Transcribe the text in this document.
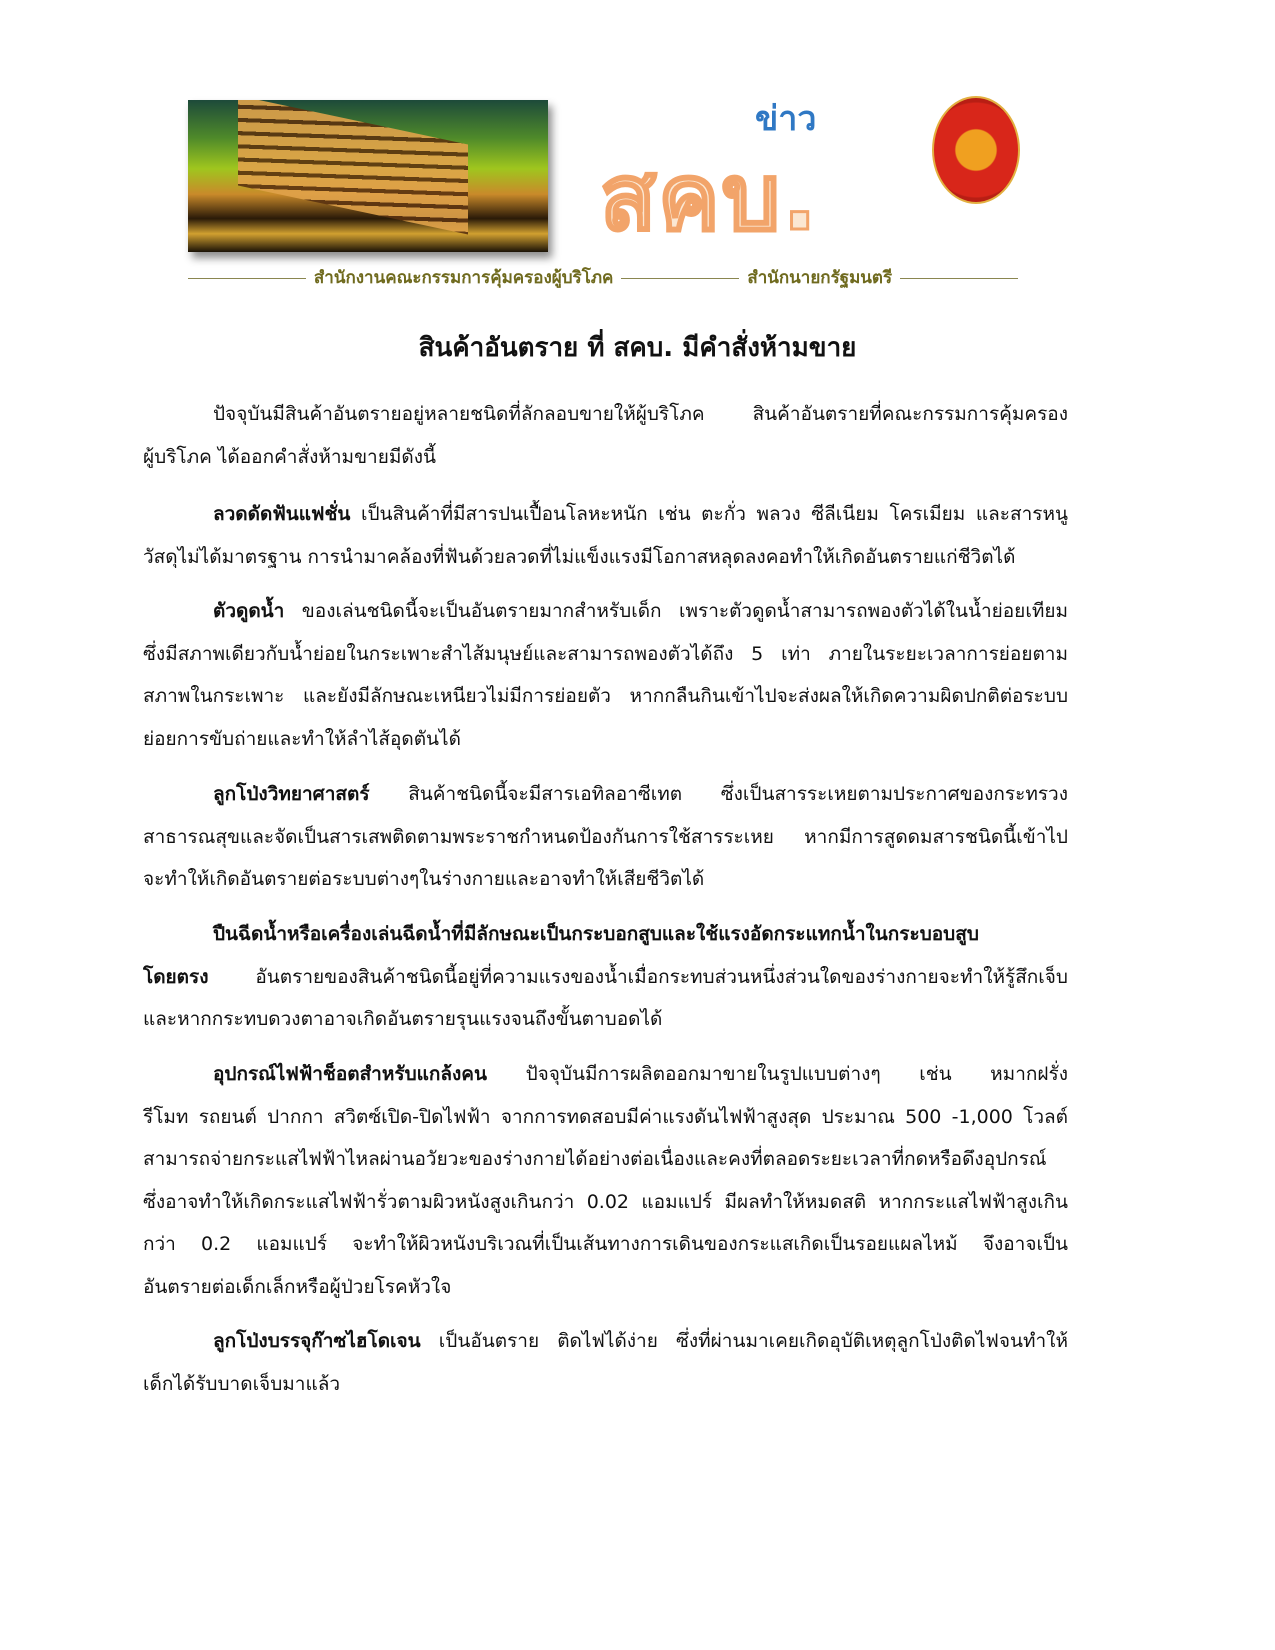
ข่าว
สคบ.
สำนักงานคณะกรรมการคุ้มครองผู้บริโภค	สำนักนายกรัฐมนตรี
สินค้าอันตราย ที่ สคบ. มีคำสั่งห้ามขาย
ปัจจุบันมีสินค้าอันตรายอยู่หลายชนิดที่ลักลอบขายให้ผู้บริโภค สินค้าอันตรายที่คณะกรรมการคุ้มครอง
ผู้บริโภค ได้ออกคำสั่งห้ามขายมีดังนี้
ลวดดัดฟันแฟชั่น เป็นสินค้าที่มีสารปนเปื้อนโลหะหนัก เช่น ตะกั่ว พลวง ซีลีเนียม โครเมียม และสารหนู
วัสดุไม่ได้มาตรฐาน การนำมาคล้องที่ฟันด้วยลวดที่ไม่แข็งแรงมีโอกาสหลุดลงคอทำให้เกิดอันตรายแก่ชีวิตได้
ตัวดูดน้ำ ของเล่นชนิดนี้จะเป็นอันตรายมากสำหรับเด็ก เพราะตัวดูดน้ำสามารถพองตัวได้ในน้ำย่อยเทียม
ซึ่งมีสภาพเดียวกับน้ำย่อยในกระเพาะสำไส้มนุษย์และสามารถพองตัวได้ถึง 5 เท่า ภายในระยะเวลาการย่อยตาม
สภาพในกระเพาะ และยังมีลักษณะเหนียวไม่มีการย่อยตัว หากกลืนกินเข้าไปจะส่งผลให้เกิดความผิดปกติต่อระบบ
ย่อยการขับถ่ายและทำให้ลำไส้อุดตันได้
ลูกโป่งวิทยาศาสตร์ สินค้าชนิดนี้จะมีสารเอทิลอาซีเทต ซึ่งเป็นสารระเหยตามประกาศของกระทรวง
สาธารณสุขและจัดเป็นสารเสพติดตามพระราชกำหนดป้องกันการใช้สารระเหย หากมีการสูดดมสารชนิดนี้เข้าไป
จะทำให้เกิดอันตรายต่อระบบต่างๆในร่างกายและอาจทำให้เสียชีวิตได้
ปืนฉีดน้ำหรือเครื่องเล่นฉีดน้ำที่มีลักษณะเป็นกระบอกสูบและใช้แรงอัดกระแทกน้ำในกระบอบสูบ
โดยตรง อันตรายของสินค้าชนิดนี้อยู่ที่ความแรงของน้ำเมื่อกระทบส่วนหนึ่งส่วนใดของร่างกายจะทำให้รู้สึกเจ็บ
และหากกระทบดวงตาอาจเกิดอันตรายรุนแรงจนถึงขั้นตาบอดได้
อุปกรณ์ไฟฟ้าช็อตสำหรับแกล้งคน ปัจจุบันมีการผลิตออกมาขายในรูปแบบต่างๆ เช่น หมากฝรั่ง
รีโมท รถยนต์ ปากกา สวิตซ์เปิด-ปิดไฟฟ้า จากการทดสอบมีค่าแรงดันไฟฟ้าสูงสุด ประมาณ 500 -1,000 โวลต์
สามารถจ่ายกระแสไฟฟ้าไหลผ่านอวัยวะของร่างกายได้อย่างต่อเนื่องและคงที่ตลอดระยะเวลาที่กดหรือดึงอุปกรณ์
ซึ่งอาจทำให้เกิดกระแสไฟฟ้ารั่วตามผิวหนังสูงเกินกว่า 0.02 แอมแปร์ มีผลทำให้หมดสติ หากกระแสไฟฟ้าสูงเกิน
กว่า 0.2 แอมแปร์ จะทำให้ผิวหนังบริเวณที่เป็นเส้นทางการเดินของกระแสเกิดเป็นรอยแผลไหม้ จึงอาจเป็น
อันตรายต่อเด็กเล็กหรือผู้ป่วยโรคหัวใจ
ลูกโป่งบรรจุก๊าซไฮโดเจน เป็นอันตราย ติดไฟได้ง่าย ซึ่งที่ผ่านมาเคยเกิดอุบัติเหตุลูกโป่งติดไฟจนทำให้
เด็กได้รับบาดเจ็บมาแล้ว
